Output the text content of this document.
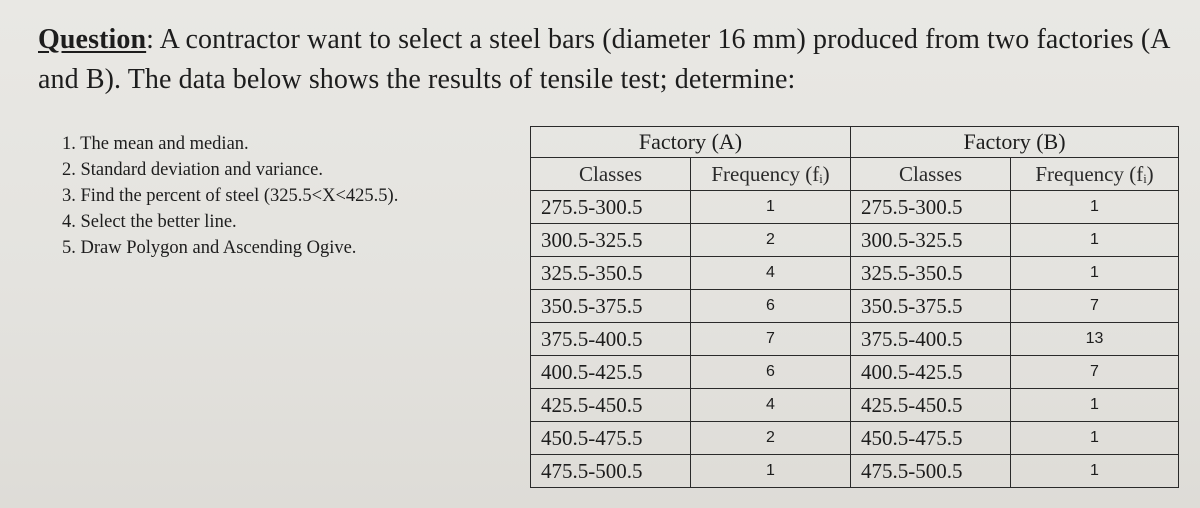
Question: A contractor want to select a steel bars (diameter 16 mm) produced from two factories (A and B). The data below shows the results of tensile test; determine:
1. The mean and median.
2. Standard deviation and variance.
3. Find the percent of steel (325.5<X<425.5).
4. Select the better line.
5. Draw Polygon and Ascending Ogive.
Factory (A)		Factory (B)	
Classes	Frequency (fᵢ)	Classes	Frequency (fᵢ)
275.5-300.5	1	275.5-300.5	1
300.5-325.5	2	300.5-325.5	1
325.5-350.5	4	325.5-350.5	1
350.5-375.5	6	350.5-375.5	7
375.5-400.5	7	375.5-400.5	13
400.5-425.5	6	400.5-425.5	7
425.5-450.5	4	425.5-450.5	1
450.5-475.5	2	450.5-475.5	1
475.5-500.5	1	475.5-500.5	1
